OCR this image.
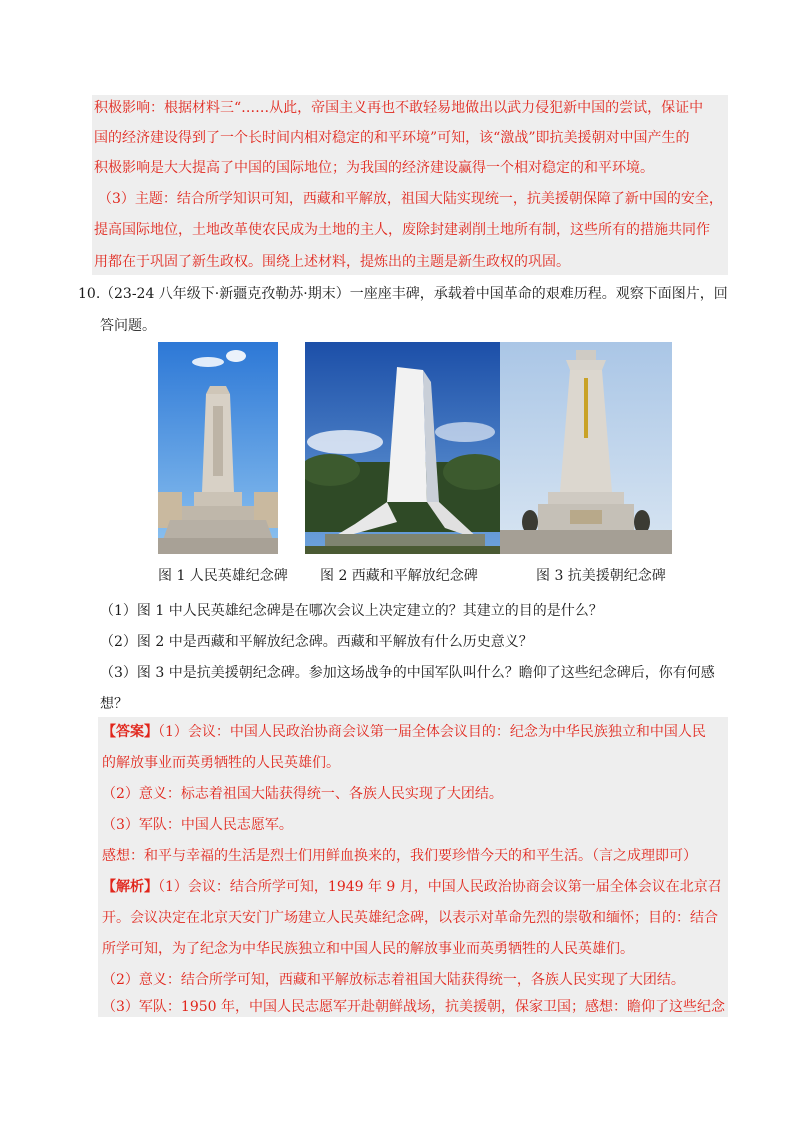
积极影响：根据材料三“……从此，帝国主义再也不敢轻易地做出以武力侵犯新中国的尝试，保证中
国的经济建设得到了一个长时间内相对稳定的和平环境”可知，该“激战”即抗美援朝对中国产生的
积极影响是大大提高了中国的国际地位；为我国的经济建设赢得一个相对稳定的和平环境。
（3）主题：结合所学知识可知，西藏和平解放，祖国大陆实现统一，抗美援朝保障了新中国的安全，
提高国际地位，土地改革使农民成为土地的主人，废除封建剥削土地所有制，这些所有的措施共同作
用都在于巩固了新生政权。围绕上述材料，提炼出的主题是新生政权的巩固。
10. （23-24 八年级下·新疆克孜勒苏·期末）一座座丰碑，承载着中国革命的艰难历程。观察下面图片，回
答问题。
图 1 人民英雄纪念碑 图 2 西藏和平解放纪念碑	图 3 抗美援朝纪念碑
（1）图 1 中人民英雄纪念碑是在哪次会议上决定建立的？其建立的目的是什么？
（2）图 2 中是西藏和平解放纪念碑。西藏和平解放有什么历史意义？
（3）图 3 中是抗美援朝纪念碑。参加这场战争的中国军队叫什么？瞻仰了这些纪念碑后，你有何感
想？
【答案】（1）会议：中国人民政治协商会议第一届全体会议目的：纪念为中华民族独立和中国人民
的解放事业而英勇牺牲的人民英雄们。
（2）意义：标志着祖国大陆获得统一、各族人民实现了大团结。
（3）军队：中国人民志愿军。
感想：和平与幸福的生活是烈士们用鲜血换来的，我们要珍惜今天的和平生活。（言之成理即可）
【解析】（1）会议：结合所学可知，1949 年 9 月，中国人民政治协商会议第一届全体会议在北京召
开。会议决定在北京天安门广场建立人民英雄纪念碑，以表示对革命先烈的崇敬和缅怀；目的：结合
所学可知，为了纪念为中华民族独立和中国人民的解放事业而英勇牺牲的人民英雄们。
（2）意义：结合所学可知，西藏和平解放标志着祖国大陆获得统一，各族人民实现了大团结。
（3）军队：1950 年，中国人民志愿军开赴朝鲜战场，抗美援朝，保家卫国；感想：瞻仰了这些纪念
